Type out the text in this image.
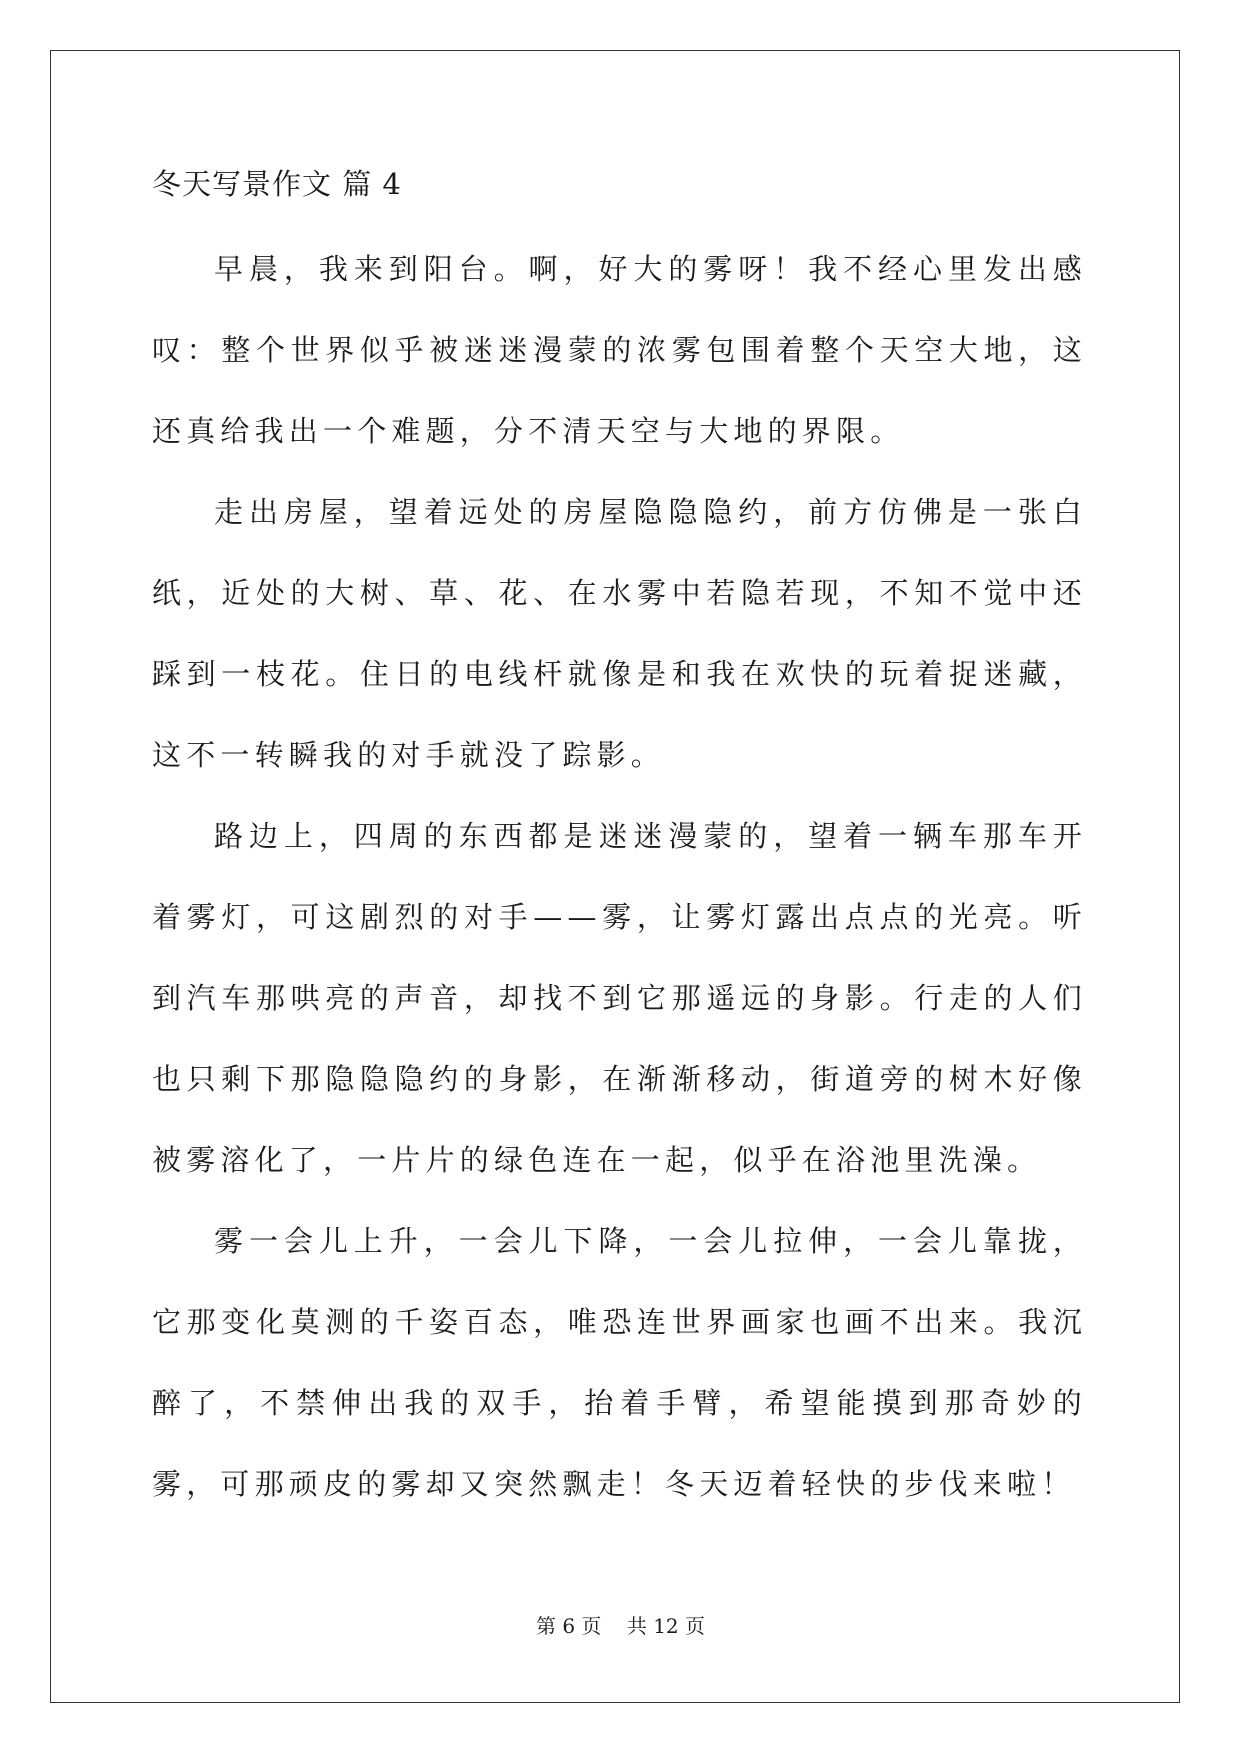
冬天写景作文 篇 4

早晨，我来到阳台。啊，好大的雾呀！我不经心里发出感叹：整个世界似乎被迷迷漫蒙的浓雾包围着整个天空大地，这还真给我出一个难题，分不清天空与大地的界限。

走出房屋，望着远处的房屋隐隐隐约，前方仿佛是一张白纸，近处的大树、草、花、在水雾中若隐若现，不知不觉中还踩到一枝花。住日的电线杆就像是和我在欢快的玩着捉迷藏，这不一转瞬我的对手就没了踪影。

路边上，四周的东西都是迷迷漫蒙的，望着一辆车那车开着雾灯，可这剧烈的对手——雾，让雾灯露出点点的光亮。听到汽车那哄亮的声音，却找不到它那遥远的身影。行走的人们也只剩下那隐隐隐约的身影，在渐渐移动，街道旁的树木好像被雾溶化了，一片片的绿色连在一起，似乎在浴池里洗澡。

雾一会儿上升，一会儿下降，一会儿拉伸，一会儿靠拢，它那变化莫测的千姿百态，唯恐连世界画家也画不出来。我沉醉了，不禁伸出我的双手，抬着手臂，希望能摸到那奇妙的雾，可那顽皮的雾却又突然飘走！冬天迈着轻快的步伐来啦！

第 6 页    共 12 页
